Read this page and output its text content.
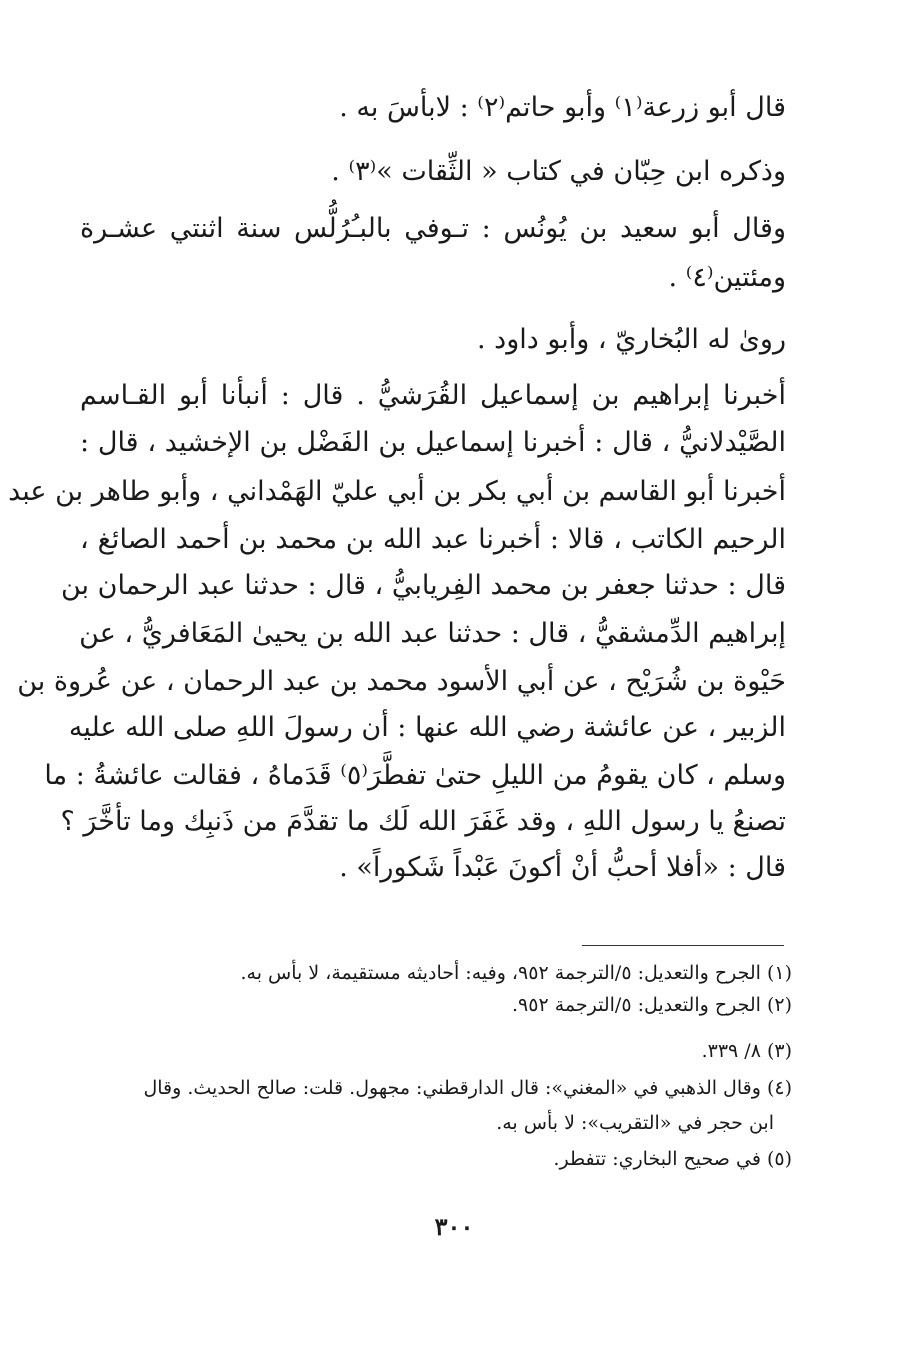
قال أبو زرعة⁽١⁾ وأبو حاتم⁽٢⁾ : لابأسَ به .
وذكره ابن حِبّان في كتاب « الثِّقات »⁽٣⁾ .
وقال أبو سعيد بن يُونُس : تـوفي بالبـُرُلُّس سنة اثنتي عشـرة
ومئتين⁽٤⁾ .
روىٰ له البُخاريّ ، وأبو داود .
أخبرنا إبراهيم بن إسماعيل القُرَشيُّ . قال : أنبأنا أبو القـاسم
الصَّيْدلانيُّ ، قال : أخبرنا إسماعيل بن الفَضْل بن الإخشيد ، قال :
أخبرنا أبو القاسم بن أبي بكر بن أبي عليّ الهَمْداني ، وأبو طاهر بن عبد
الرحيم الكاتب ، قالا : أخبرنا عبد الله بن محمد بن أحمد الصائغ ،
قال : حدثنا جعفر بن محمد الفِريابيُّ ، قال : حدثنا عبد الرحمان بن
إبراهيم الدِّمشقيُّ ، قال : حدثنا عبد الله بن يحيىٰ المَعَافريُّ ، عن
حَيْوة بن شُرَيْح ، عن أبي الأسود محمد بن عبد الرحمان ، عن عُروة بن
الزبير ، عن عائشة رضي الله عنها : أن رسولَ اللهِ صلى الله عليه
وسلم ، كان يقومُ من الليلِ حتىٰ تفطَّرَ⁽٥⁾ قَدَماهُ ، فقالت عائشةُ : ما
تصنعُ يا رسول اللهِ ، وقد غَفَرَ الله لَك ما تقدَّمَ من ذَنبِك وما تأخَّرَ ؟
قال : «أفلا أحبُّ أنْ أكونَ عَبْداً شَكوراً» .
(١) الجرح والتعديل: ٥/الترجمة ٩٥٢، وفيه: أحاديثه مستقيمة، لا بأس به.
(٢) الجرح والتعديل: ٥/الترجمة ٩٥٢.
(٣) ٨/ ٣٣٩.
(٤) وقال الذهبي في «المغني»: قال الدارقطني: مجهول. قلت: صالح الحديث. وقال
ابن حجر في «التقريب»: لا بأس به.
(٥) في صحيح البخاري: تتفطر.
٣٠٠
